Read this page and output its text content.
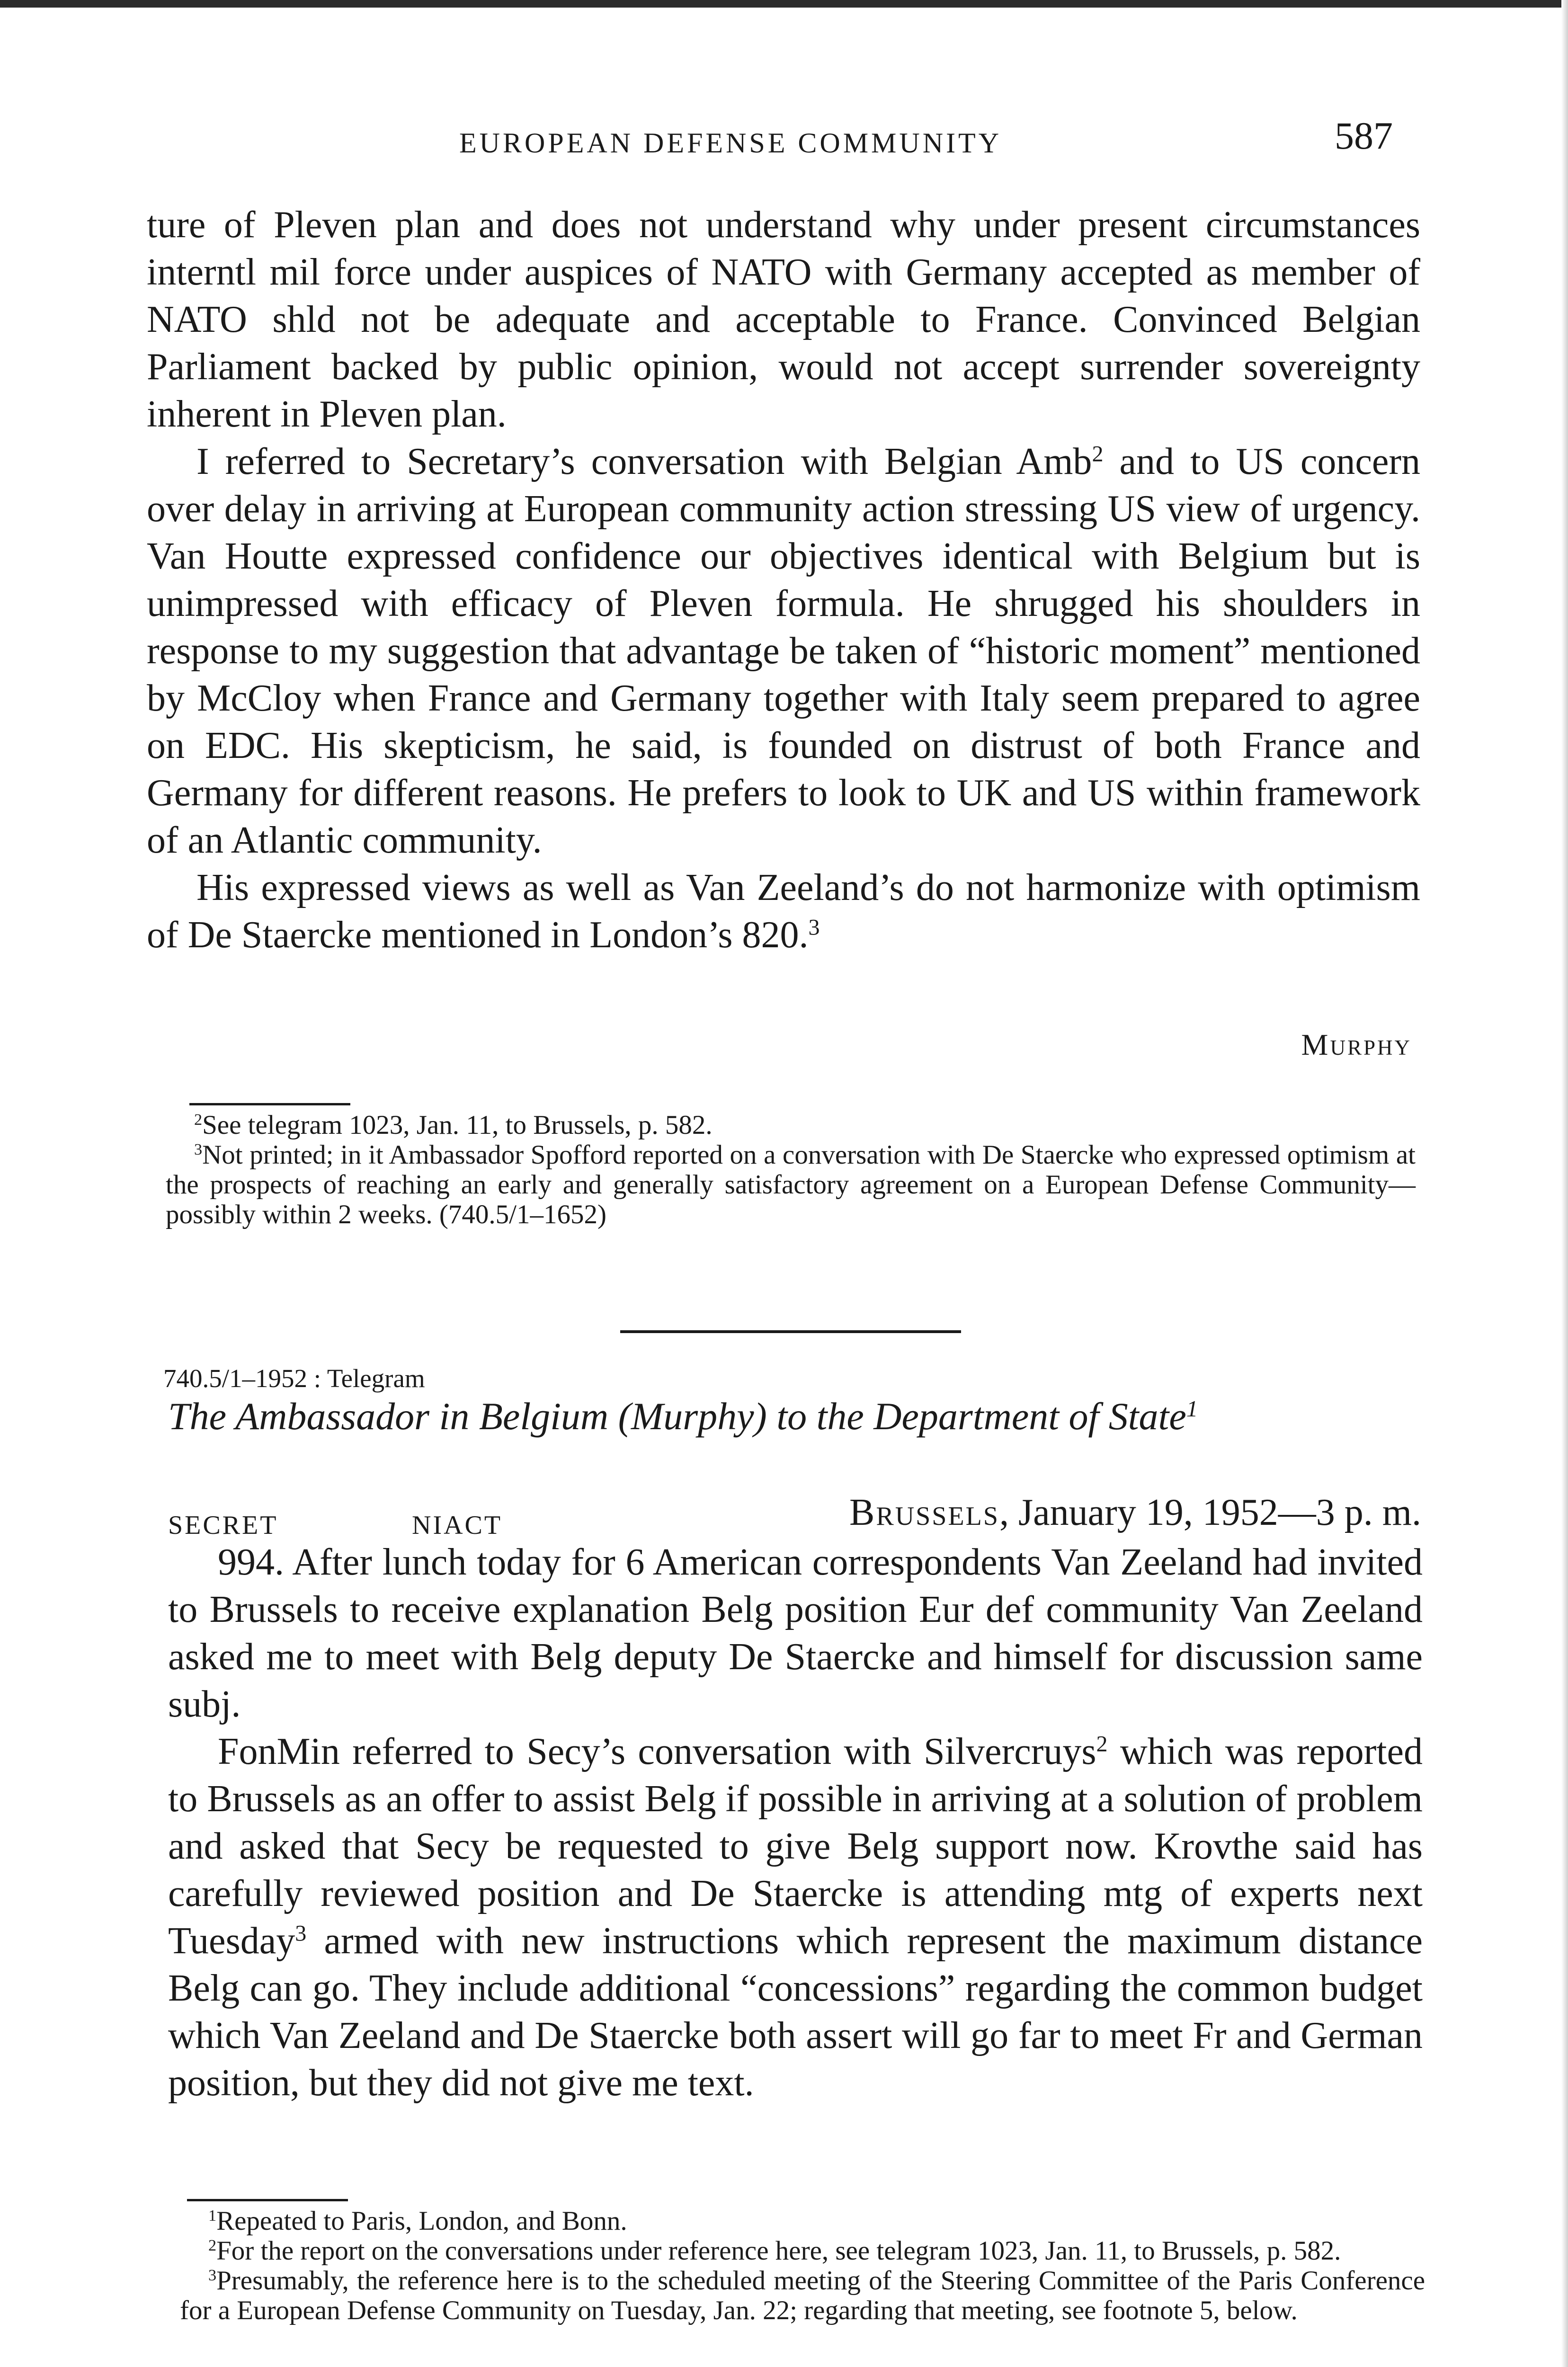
EUROPEAN DEFENSE COMMUNITY	587

ture of Pleven plan and does not understand why under present circumstances interntl mil force under auspices of NATO with Germany accepted as member of NATO shld not be adequate and acceptable to France. Convinced Belgian Parliament backed by public opinion, would not accept surrender sovereignty inherent in Pleven plan.

I referred to Secretary’s conversation with Belgian Amb$^2$ and to US concern over delay in arriving at European community action stressing US view of urgency. Van Houtte expressed confidence our objectives identical with Belgium but is unimpressed with efficacy of Pleven formula. He shrugged his shoulders in response to my suggestion that advantage be taken of “historic moment” mentioned by McCloy when France and Germany together with Italy seem prepared to agree on EDC. His skepticism, he said, is founded on distrust of both France and Germany for different reasons. He prefers to look to UK and US within framework of an Atlantic community.

His expressed views as well as Van Zeeland’s do not harmonize with optimism of De Staercke mentioned in London’s 820.$^3$

Murphy

$^2$See telegram 1023, Jan. 11, to Brussels, p. 582.

$^3$Not printed; in it Ambassador Spofford reported on a conversation with De Staercke who expressed optimism at the prospects of reaching an early and generally satisfactory agreement on a European Defense Community—possibly within 2 weeks. (740.5/1–1652)

740.5/1–1952 : Telegram
The Ambassador in Belgium (Murphy) to the Department of State$^1$
SECRET	NIACT	Brussels, January 19, 1952—3 p. m.

994. After lunch today for 6 American correspondents Van Zeeland had invited to Brussels to receive explanation Belg position Eur def community Van Zeeland asked me to meet with Belg deputy De Staercke and himself for discussion same subj.

FonMin referred to Secy’s conversation with Silvercruys$^2$ which was reported to Brussels as an offer to assist Belg if possible in arriving at a solution of problem and asked that Secy be requested to give Belg support now. Krovthe said has carefully reviewed position and De Staercke is attending mtg of experts next Tuesday$^3$ armed with new instructions which represent the maximum distance Belg can go. They include additional “concessions” regarding the common budget which Van Zeeland and De Staercke both assert will go far to meet Fr and German position, but they did not give me text.

$^1$Repeated to Paris, London, and Bonn.

$^2$For the report on the conversations under reference here, see telegram 1023, Jan. 11, to Brussels, p. 582.

$^3$Presumably, the reference here is to the scheduled meeting of the Steering Committee of the Paris Conference for a European Defense Community on Tuesday, Jan. 22; regarding that meeting, see footnote 5, below.
